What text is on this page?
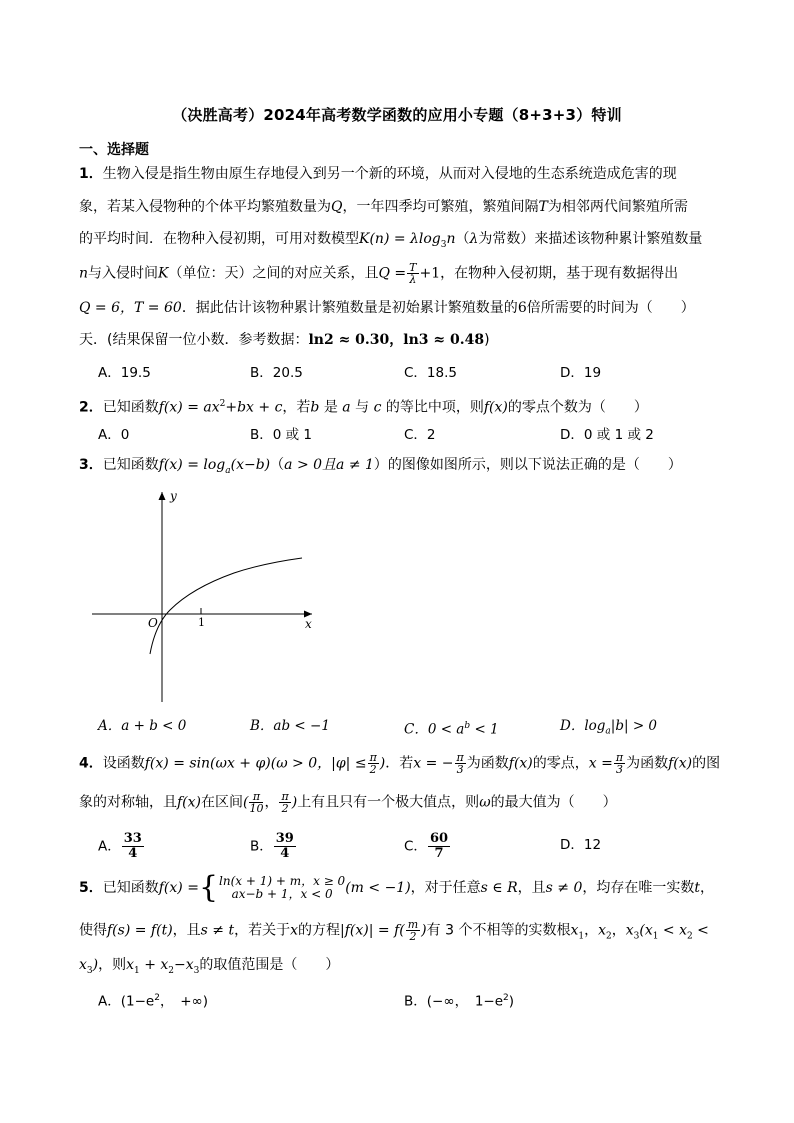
（决胜高考）2024年高考数学函数的应用小专题（8+3+3）特训
一、选择题
1．生物入侵是指生物由原生存地侵入到另一个新的环境，从而对入侵地的生态系统造成危害的现
象，若某入侵物种的个体平均繁殖数量为Q，一年四季均可繁殖，繁殖间隔T为相邻两代间繁殖所需
的平均时间．在物种入侵初期，可用对数模型K(n) = λlog$_3$n（λ为常数）来描述该物种累计繁殖数量
n与入侵时间K（单位：天）之间的对应关系，且$Q = \frac{T}{\lambda} +1$，在物种入侵初期，基于现有数据得出
Q = 6，T = 60．据此估计该物种累计繁殖数量是初始累计繁殖数量的6倍所需要的时间为（　　）
天．(结果保留一位小数．参考数据：ln2 ≈ 0.30，ln3 ≈ 0.48)
A．19.5	B．20.5	C．18.5	D．19
2．已知函数$f(x) = ax^2+bx + c$，若b 是 a 与 c 的等比中项，则f(x)的零点个数为（　　）
A．0	B．0 或 1	C．2	D．0 或 1 或 2
3．已知函数$f(x) = \log_a(x-b)(a > 0$且a ≠ 1）的图像如图所示，则以下说法正确的是（　　）
y
x
O	1
A．a + b < 0	B．ab < −1	C．$0 < a^b < 1$	D．$\log_a|b| > 0$
4．设函数f(x) = sin(ωx + φ)(ω > 0，$|\varphi| \le \frac{\pi}{2}$ )．若x = − $\frac{\pi}{3}$ 为函数f(x)的零点，$x = \frac{\pi}{3}$ 为函数f(x)的图
象的对称轴，且f(x)在区间( $\frac{\pi}{10}$ ， $\frac{\pi}{2}$ )上有且只有一个极大值点，则ω的最大值为（　　）
A． $\frac{33}{4}$	B． $\frac{39}{4}$	C． $\frac{60}{7}$	D．12
5．已知函数f(x) = { ln(x + 1) + m，x ≥ 0
ax−b + 1，x < 0 (m < −1)，对于任意s ∈ R，且s ≠ 0，均存在唯一实数t，
使得f(s) = f(t)，且s ≠ t，若关于x的方程$|f(x)| = f( \frac{m}{2}$ )有 3 个不相等的实数根$x_1$，$x_2$，$x_3(x_1 < x_2$ <
$x_3$)，则$x_1 + x_2-x_3$的取值范围是（　　）
A．($1-e^2$，　+∞)	B．(−∞，　$1-e^2$)
